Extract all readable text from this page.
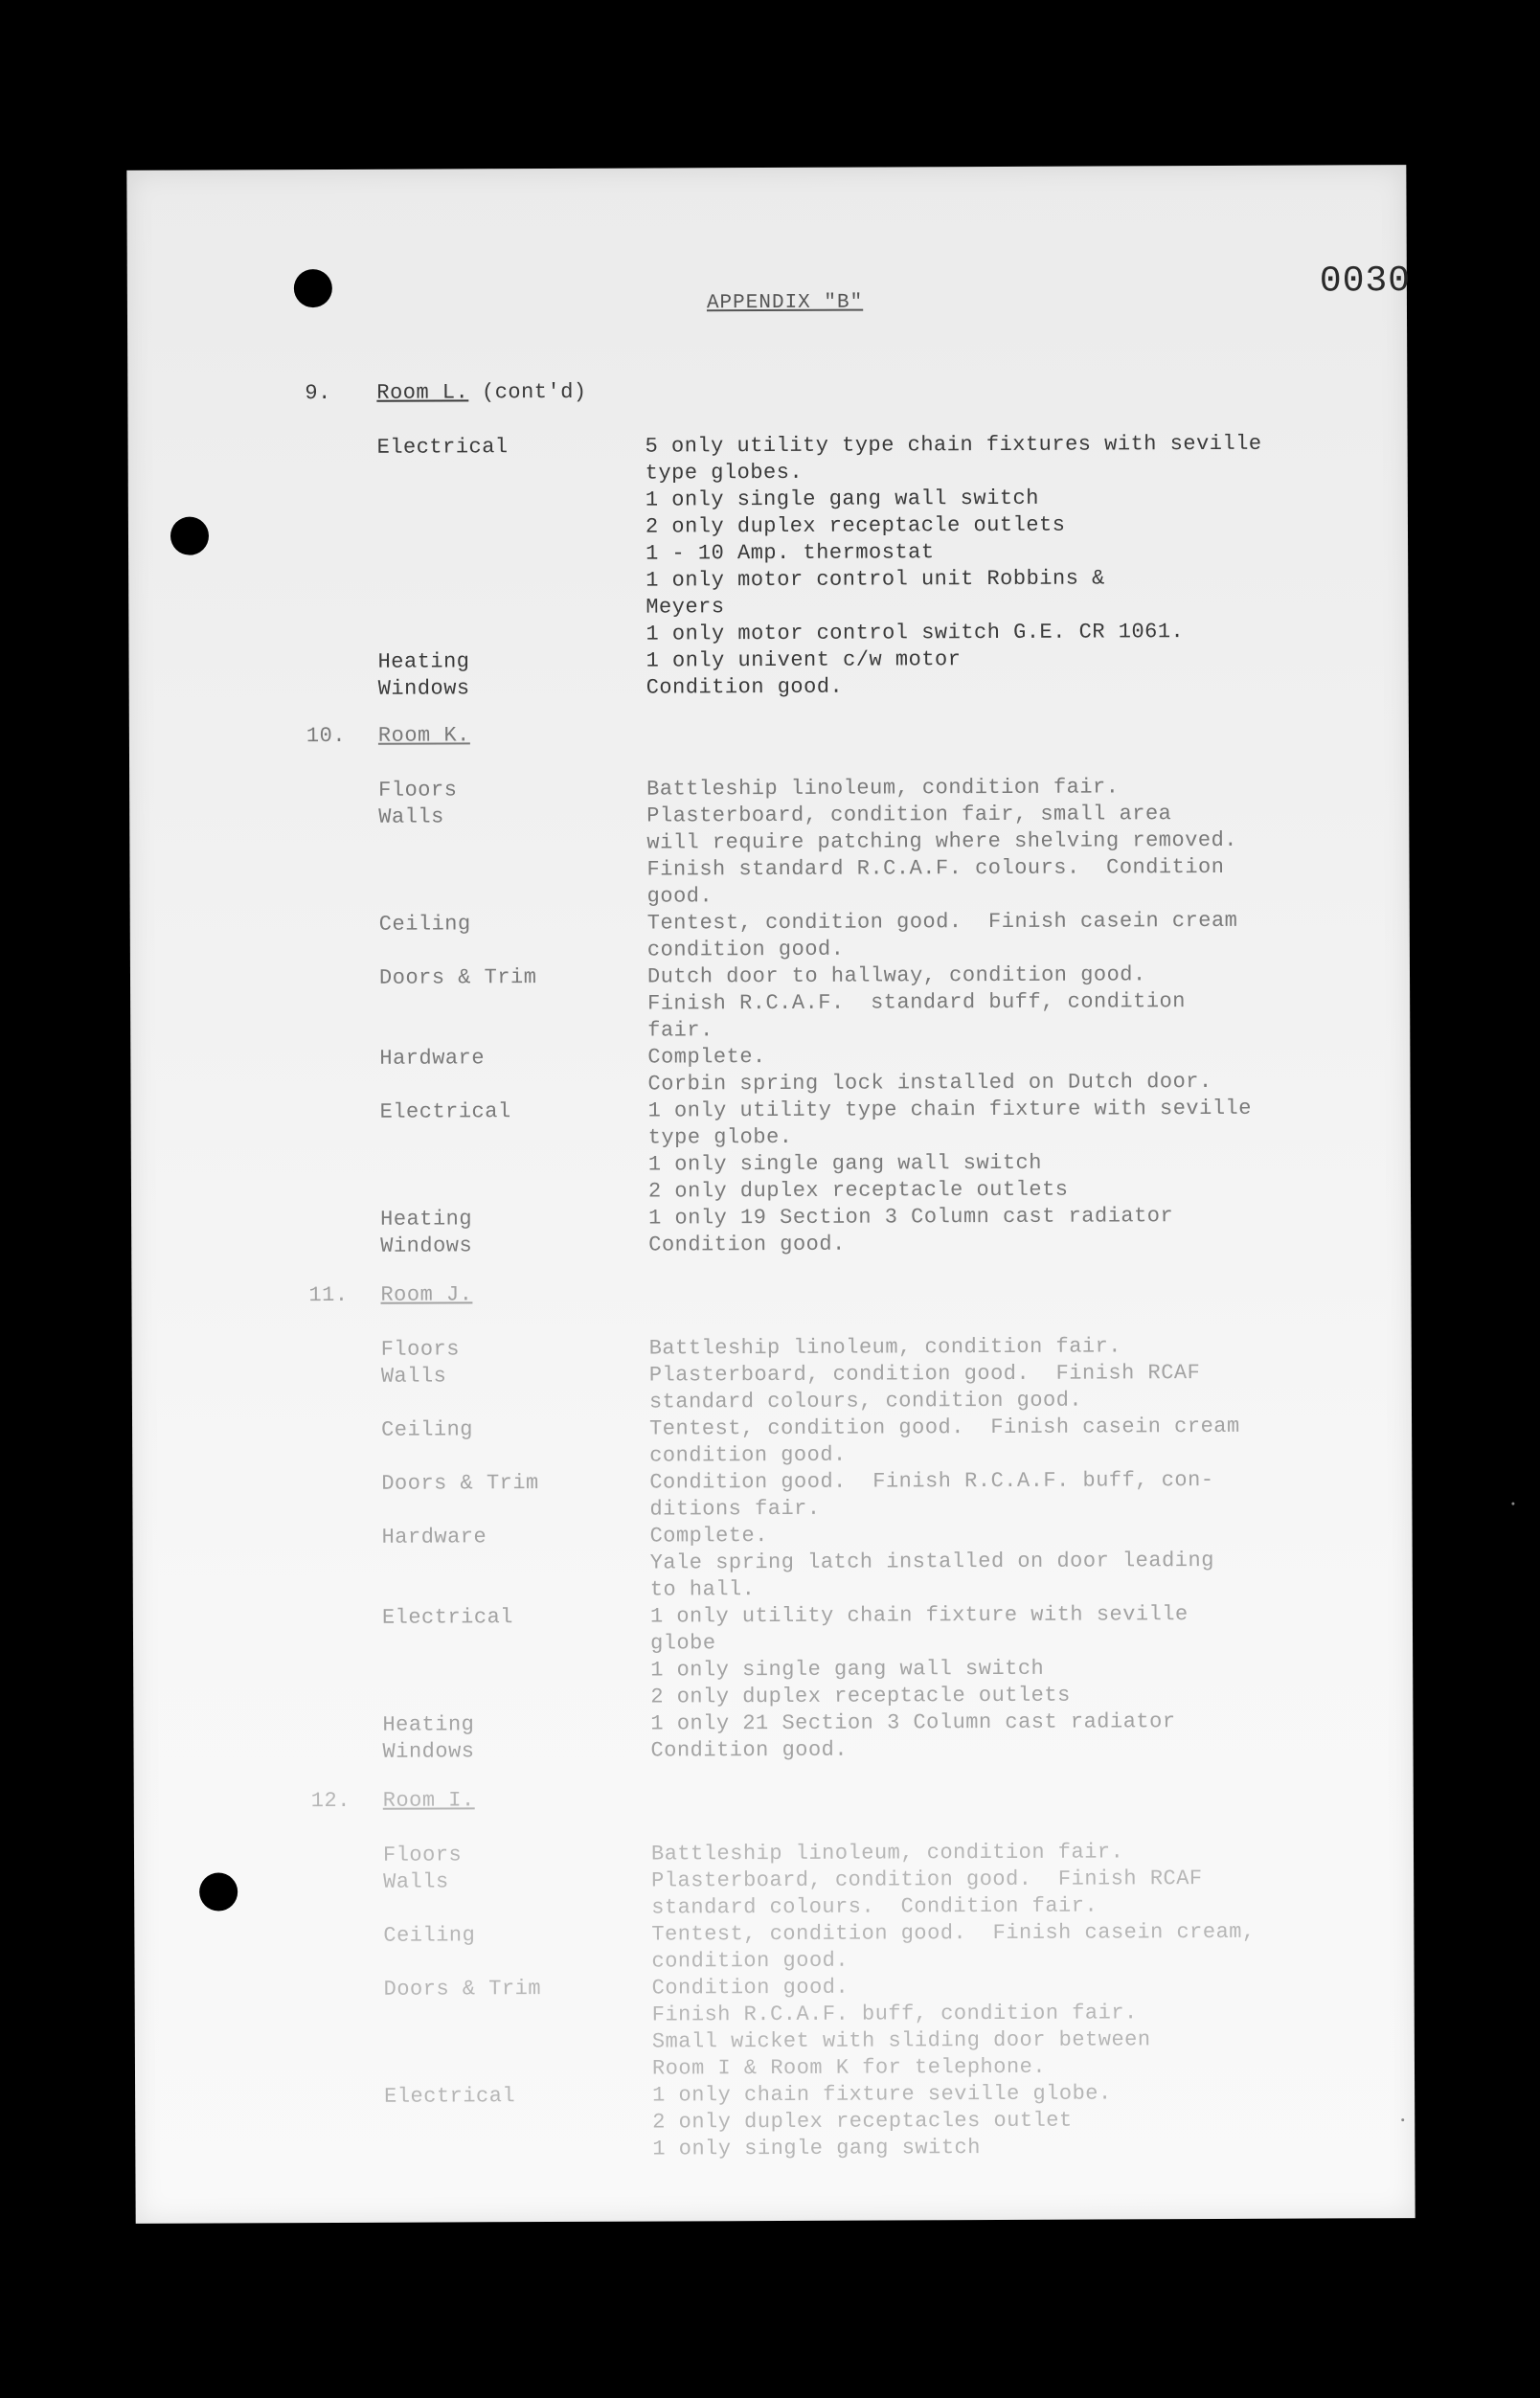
0030
APPENDIX "B"
9. Room L. (cont'd)
Electrical	5 only utility type chain fixtures with seville
type globes.
1 only single gang wall switch
2 only duplex receptacle outlets
1 - 10 Amp. thermostat
1 only motor control unit Robbins &
Meyers
1 only motor control switch G.E. CR 1061.
Heating	1 only univent c/w motor
Windows	Condition good.
10. Room K.
Floors	Battleship linoleum, condition fair.
Walls	Plasterboard, condition fair, small area
will require patching where shelving removed.
Finish standard R.C.A.F. colours.  Condition
good.
Ceiling	Tentest, condition good.  Finish casein cream
condition good.
Doors & Trim	Dutch door to hallway, condition good.
Finish R.C.A.F.  standard buff, condition
fair.
Hardware	Complete.
Corbin spring lock installed on Dutch door.
Electrical	1 only utility type chain fixture with seville
type globe.
1 only single gang wall switch
2 only duplex receptacle outlets
Heating	1 only 19 Section 3 Column cast radiator
Windows	Condition good.
11. Room J.
Floors	Battleship linoleum, condition fair.
Walls	Plasterboard, condition good.  Finish RCAF
standard colours, condition good.
Ceiling	Tentest, condition good.  Finish casein cream
condition good.
Doors & Trim	Condition good.  Finish R.C.A.F. buff, con-
ditions fair.
Hardware	Complete.
Yale spring latch installed on door leading
to hall.
Electrical	1 only utility chain fixture with seville
globe
1 only single gang wall switch
2 only duplex receptacle outlets
Heating	1 only 21 Section 3 Column cast radiator
Windows	Condition good.
12. Room I.
Floors	Battleship linoleum, condition fair.
Walls	Plasterboard, condition good.  Finish RCAF
standard colours.  Condition fair.
Ceiling	Tentest, condition good.  Finish casein cream,
condition good.
Doors & Trim	Condition good.
Finish R.C.A.F. buff, condition fair.
Small wicket with sliding door between
Room I & Room K for telephone.
Electrical	1 only chain fixture seville globe.
2 only duplex receptacles outlet
1 only single gang switch
